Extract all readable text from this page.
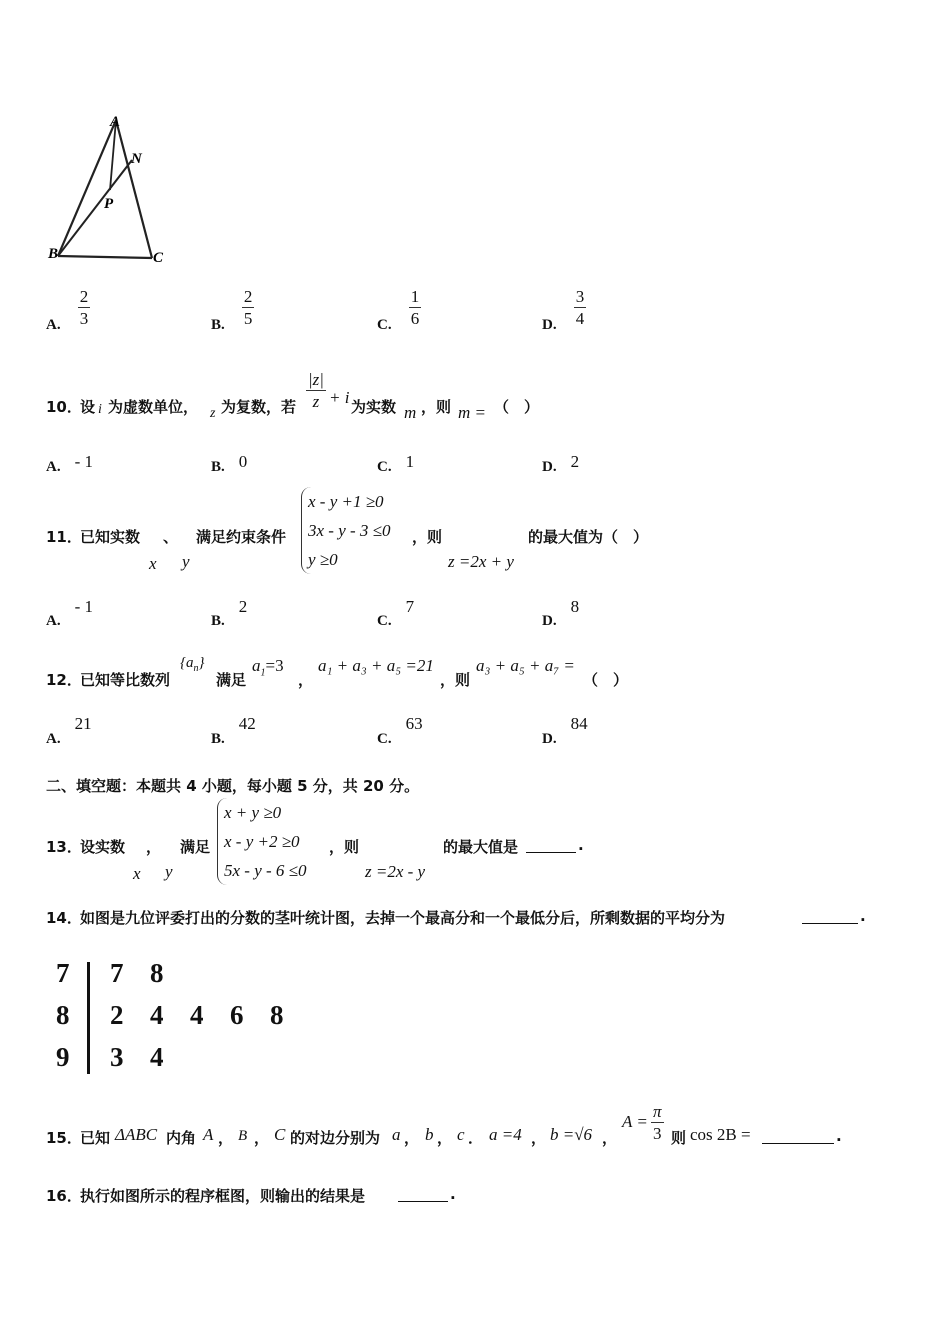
A
N
P
B	C
A. $\frac{2}{3}$	B. $\frac{2}{5}$	C. $\frac{1}{6}$	D. $\frac{3}{4}$
10．
设 i 为虚数单位， z 为复数，若 $\frac{|z|}{z} + i$ 为实数 m ，则 m = （　）
A. - 1	B. 0	C. 1	D. 2
11．
已知实数
x
、
y
满足约束条件
x - y +1 ≥0
3x - y - 3 ≤0
y ≥0
，则
z =2x + y
的最大值为（　）
A.- 1
B.2
C.7
D.8
12．
已知等比数列
$\{a_n\}$
满足
$a_1=3$
，
a₁ + a₃ + a₅ =21
，则
a₃ + a₅ + a₇ =
（　）
A.21
B.42
C.63
D.84
二、填空题：本题共 4 小题，每小题 5 分，共 20 分。
13．
设实数
x
，
y
满足
x + y ≥0
x - y +2 ≥0
5x - y - 6 ≤0
，则
z =2x - y
的最大值是	.
14．
如图是九位评委打出的分数的茎叶统计图，去掉一个最高分和一个最低分后，所剩数据的平均分为	.
7 7 8
8 2 4 4 6 8
9 3 4
15．
已知 ΔABC 内角 A ， B ， C 的对边分别为 a ， b ， c ． a =4 ， b =√6 ，
$A = \frac{\pi}{3}$ 则 cos 2B =	.
16．
执行如图所示的程序框图，则输出的结果是	.
